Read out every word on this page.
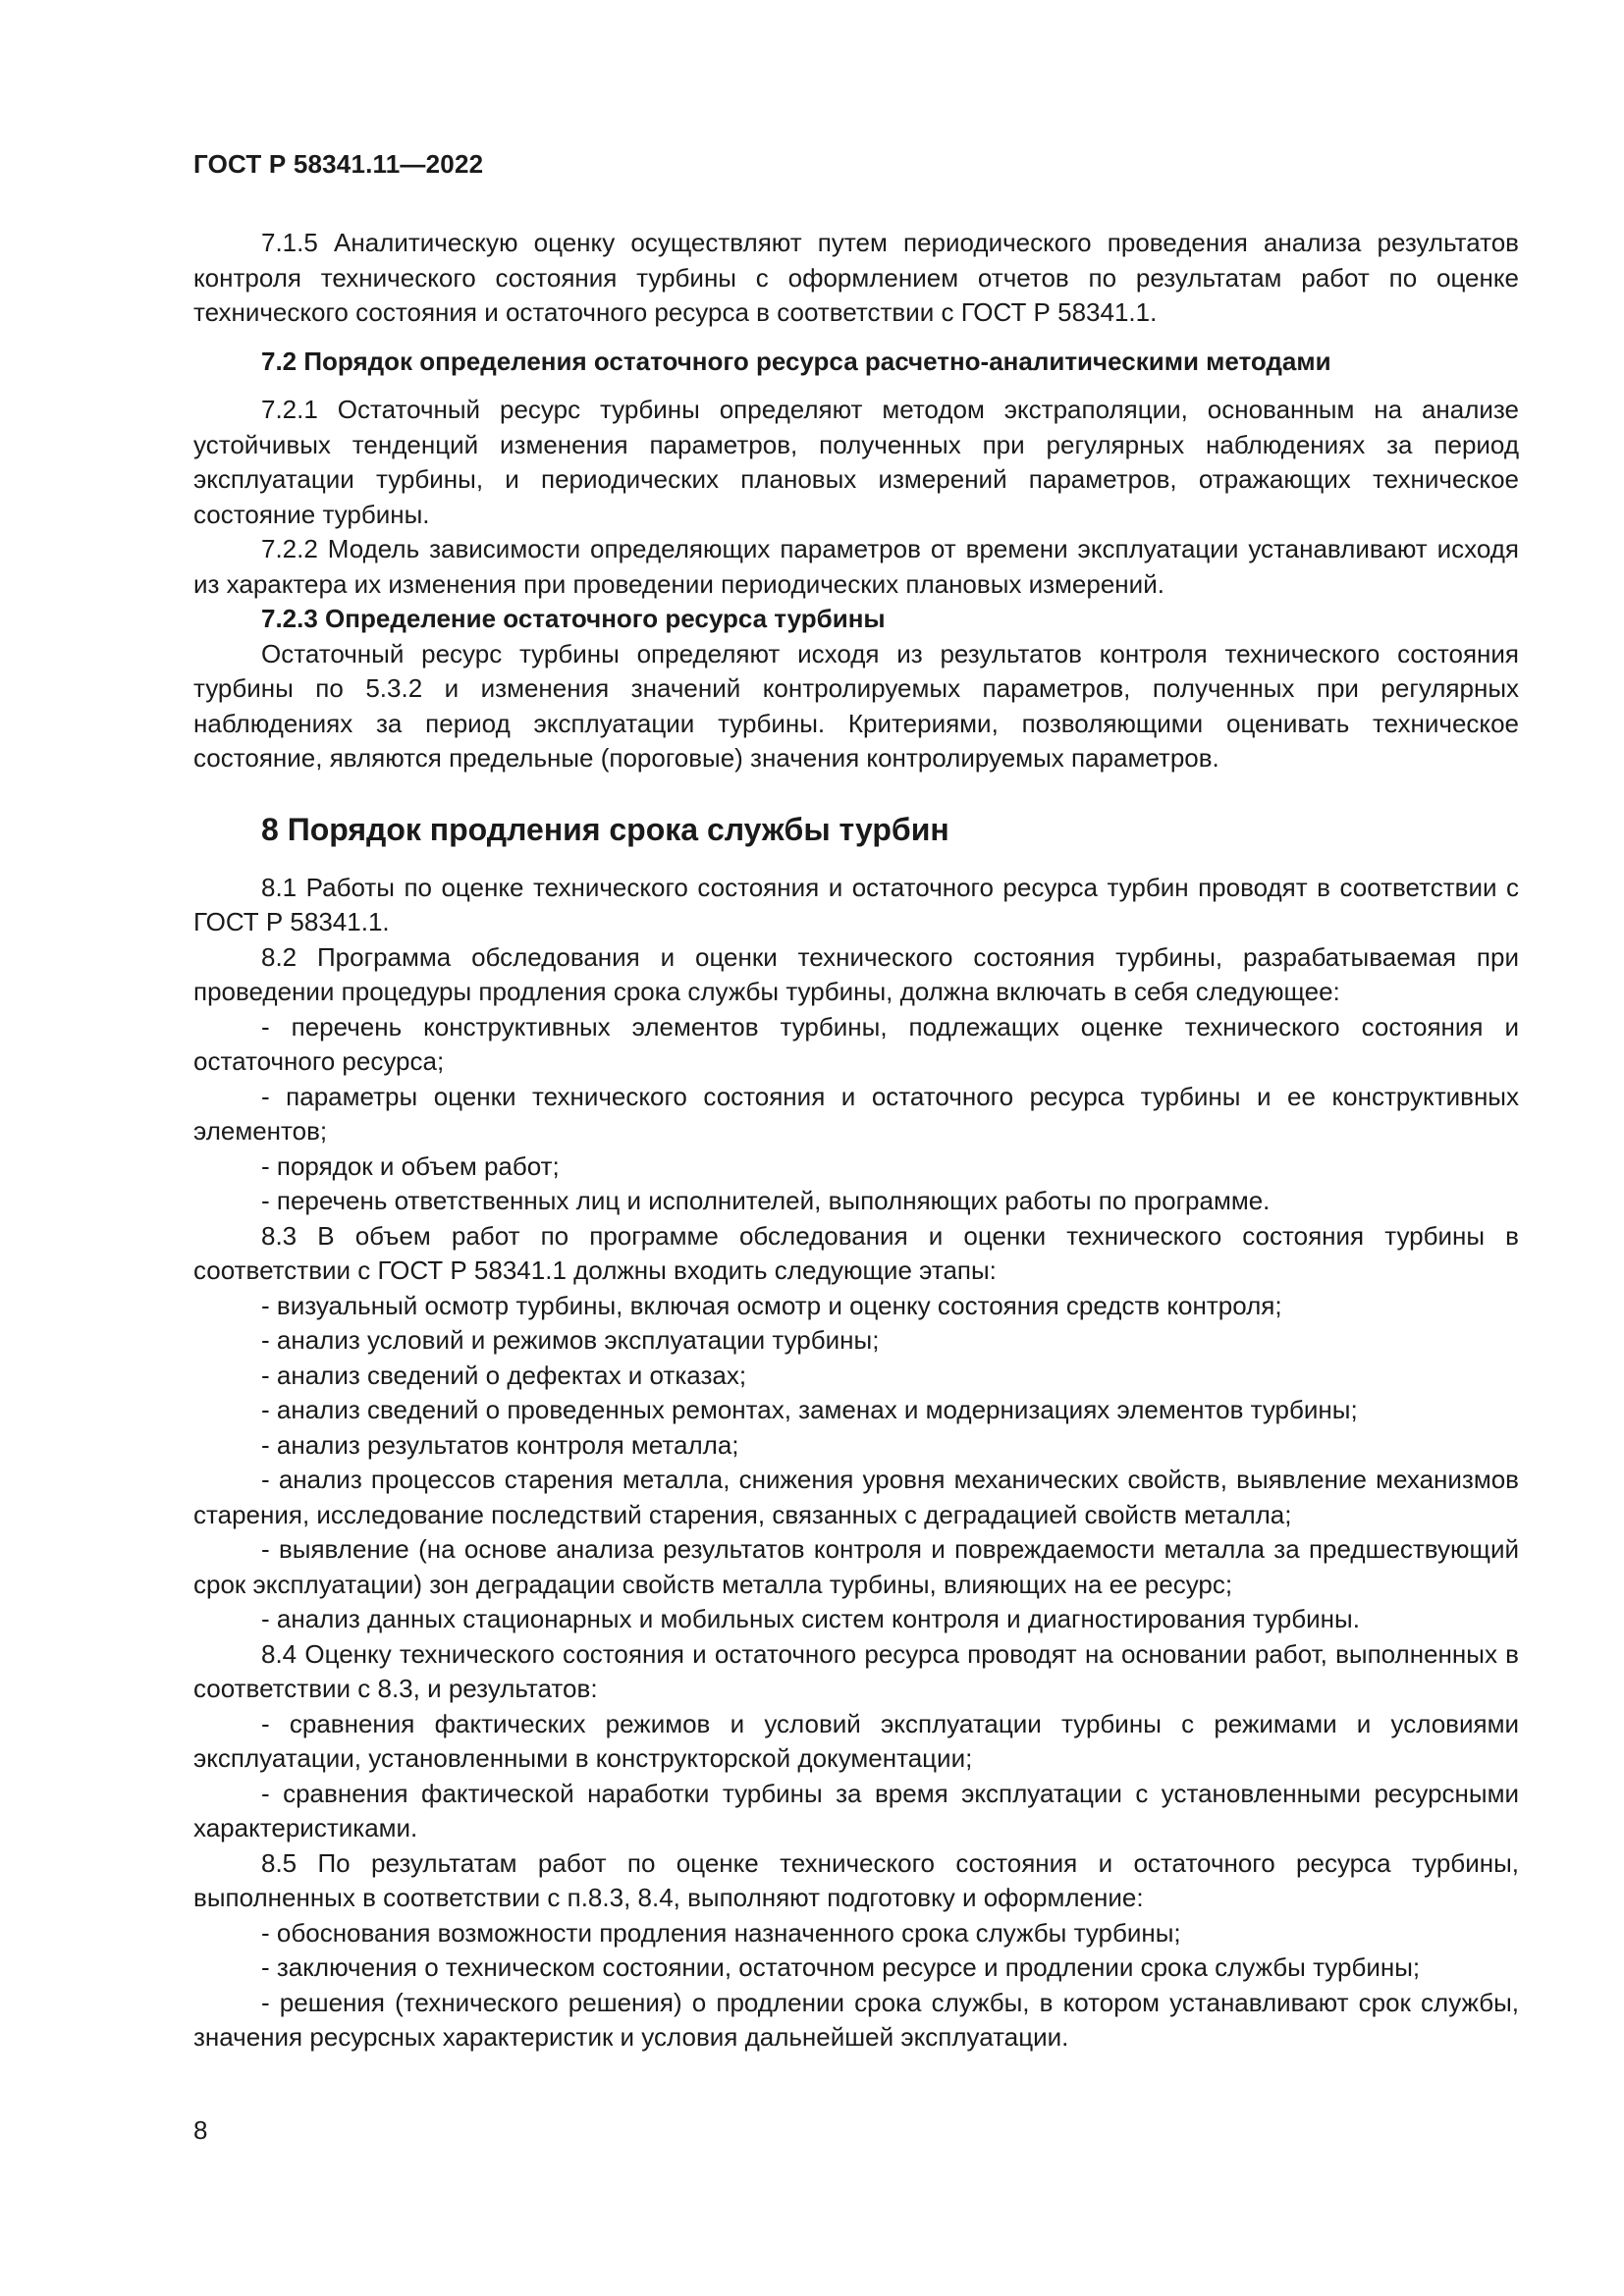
ГОСТ Р 58341.11—2022

7.1.5 Аналитическую оценку осуществляют путем периодического проведения анализа результатов контроля технического состояния турбины с оформлением отчетов по результатам работ по оценке технического состояния и остаточного ресурса в соответствии с ГОСТ Р 58341.1.

7.2 Порядок определения остаточного ресурса расчетно-аналитическими методами

7.2.1 Остаточный ресурс турбины определяют методом экстраполяции, основанным на анализе устойчивых тенденций изменения параметров, полученных при регулярных наблюдениях за период эксплуатации турбины, и периодических плановых измерений параметров, отражающих техническое состояние турбины.

7.2.2 Модель зависимости определяющих параметров от времени эксплуатации устанавливают исходя из характера их изменения при проведении периодических плановых измерений.

7.2.3 Определение остаточного ресурса турбины

Остаточный ресурс турбины определяют исходя из результатов контроля технического состояния турбины по 5.3.2 и изменения значений контролируемых параметров, полученных при регулярных наблюдениях за период эксплуатации турбины. Критериями, позволяющими оценивать техническое состояние, являются предельные (пороговые) значения контролируемых параметров.

8 Порядок продления срока службы турбин

8.1 Работы по оценке технического состояния и остаточного ресурса турбин проводят в соответствии с ГОСТ Р 58341.1.

8.2 Программа обследования и оценки технического состояния турбины, разрабатываемая при проведении процедуры продления срока службы турбины, должна включать в себя следующее:

- перечень конструктивных элементов турбины, подлежащих оценке технического состояния и остаточного ресурса;

- параметры оценки технического состояния и остаточного ресурса турбины и ее конструктивных элементов;

- порядок и объем работ;

- перечень ответственных лиц и исполнителей, выполняющих работы по программе.

8.3 В объем работ по программе обследования и оценки технического состояния турбины в соответствии с ГОСТ Р 58341.1 должны входить следующие этапы:

- визуальный осмотр турбины, включая осмотр и оценку состояния средств контроля;

- анализ условий и режимов эксплуатации турбины;

- анализ сведений о дефектах и отказах;

- анализ сведений о проведенных ремонтах, заменах и модернизациях элементов турбины;

- анализ результатов контроля металла;

- анализ процессов старения металла, снижения уровня механических свойств, выявление механизмов старения, исследование последствий старения, связанных с деградацией свойств металла;

- выявление (на основе анализа результатов контроля и повреждаемости металла за предшествующий срок эксплуатации) зон деградации свойств металла турбины, влияющих на ее ресурс;

- анализ данных стационарных и мобильных систем контроля и диагностирования турбины.

8.4 Оценку технического состояния и остаточного ресурса проводят на основании работ, выполненных в соответствии с 8.3, и результатов:

- сравнения фактических режимов и условий эксплуатации турбины с режимами и условиями эксплуатации, установленными в конструкторской документации;

- сравнения фактической наработки турбины за время эксплуатации с установленными ресурсными характеристиками.

8.5 По результатам работ по оценке технического состояния и остаточного ресурса турбины, выполненных в соответствии с п.8.3, 8.4, выполняют подготовку и оформление:

- обоснования возможности продления назначенного срока службы турбины;

- заключения о техническом состоянии, остаточном ресурсе и продлении срока службы турбины;

- решения (технического решения) о продлении срока службы, в котором устанавливают срок службы, значения ресурсных характеристик и условия дальнейшей эксплуатации.

8
